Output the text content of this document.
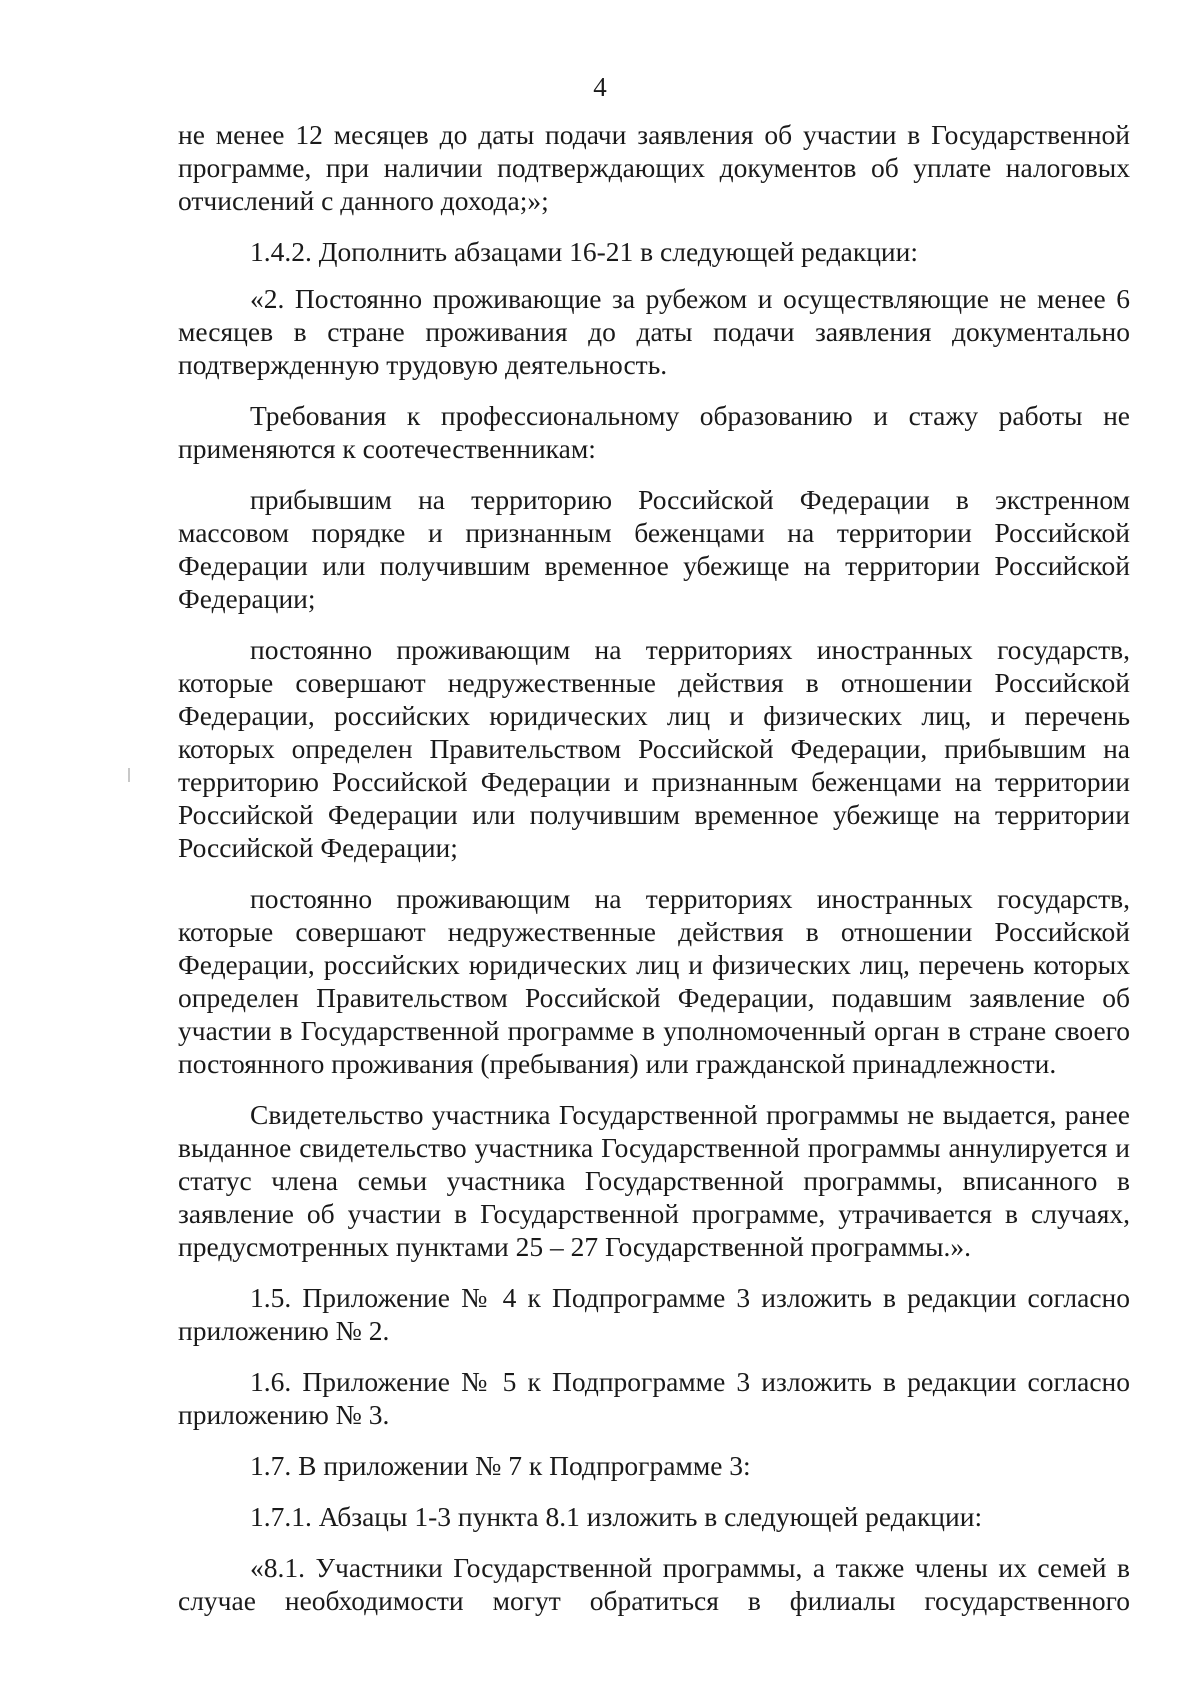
4

не менее 12 месяцев до даты подачи заявления об участии в Государственной программе, при наличии подтверждающих документов об уплате налоговых отчислений с данного дохода;»;

1.4.2. Дополнить абзацами 16-21 в следующей редакции:

«2. Постоянно проживающие за рубежом и осуществляющие не менее 6 месяцев в стране проживания до даты подачи заявления документально подтвержденную трудовую деятельность.

Требования к профессиональному образованию и стажу работы не применяются к соотечественникам:

прибывшим на территорию Российской Федерации в экстренном массовом порядке и признанным беженцами на территории Российской Федерации или получившим временное убежище на территории Российской Федерации;

постоянно проживающим на территориях иностранных государств, которые совершают недружественные действия в отношении Российской Федерации, российских юридических лиц и физических лиц, и перечень которых определен Правительством Российской Федерации, прибывшим на территорию Российской Федерации и признанным беженцами на территории Российской Федерации или получившим временное убежище на территории Российской Федерации;

постоянно проживающим на территориях иностранных государств, которые совершают недружественные действия в отношении Российской Федерации, российских юридических лиц и физических лиц, перечень которых определен Правительством Российской Федерации, подавшим заявление об участии в Государственной программе в уполномоченный орган в стране своего постоянного проживания (пребывания) или гражданской принадлежности.

Свидетельство участника Государственной программы не выдается, ранее выданное свидетельство участника Государственной программы аннулируется и статус члена семьи участника Государственной программы, вписанного в заявление об участии в Государственной программе, утрачивается в случаях, предусмотренных пунктами 25 – 27 Государственной программы.».

1.5. Приложение № 4 к Подпрограмме 3 изложить в редакции согласно приложению № 2.

1.6. Приложение № 5 к Подпрограмме 3 изложить в редакции согласно приложению № 3.

1.7. В приложении № 7 к Подпрограмме 3:

1.7.1. Абзацы 1-3 пункта 8.1 изложить в следующей редакции:

«8.1. Участники Государственной программы, а также члены их семей в случае необходимости могут обратиться в филиалы государственного
